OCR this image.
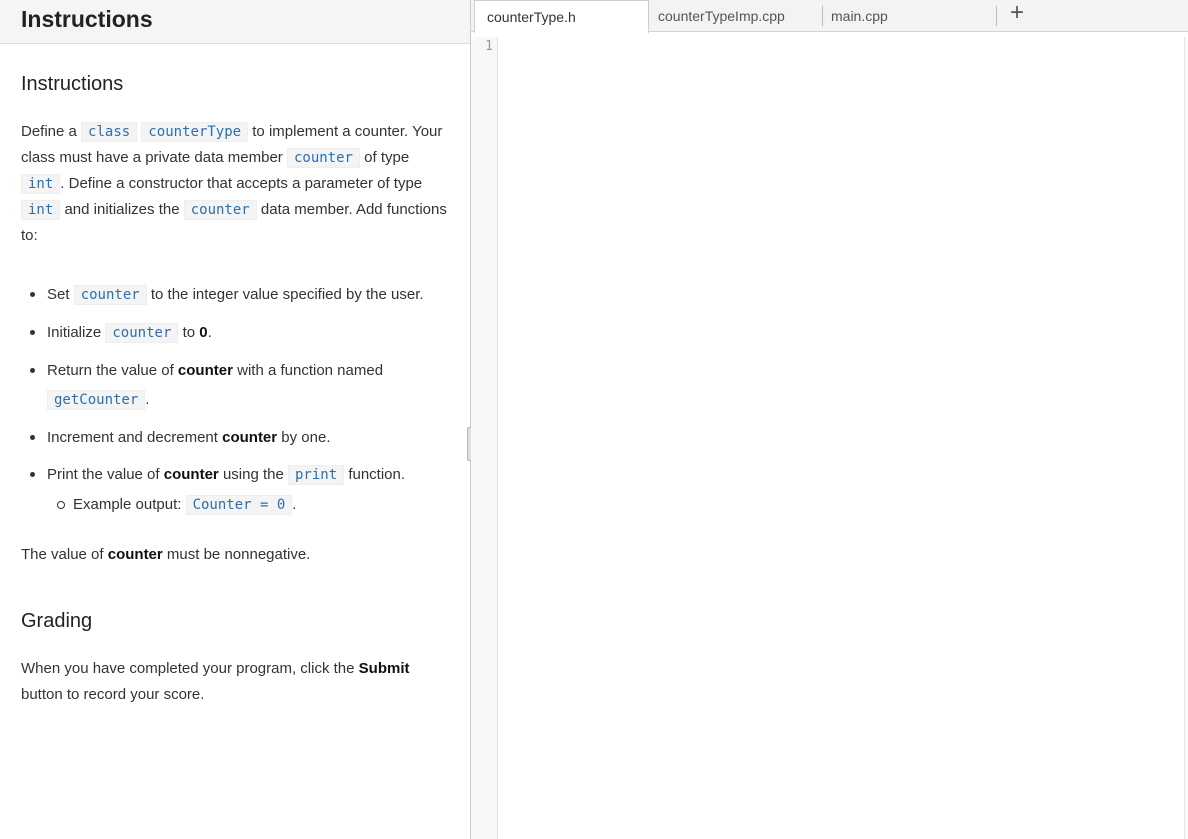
Instructions
Instructions

Define a class counterType to implement a counter. Your class must have a private data member counter of type int . Define a constructor that accepts a parameter of type int and initializes the counter data member. Add functions to:

Set counter to the integer value specified by the user.
Initialize counter to 0.
Return the value of counter with a function named getCounter .
Increment and decrement counter by one.
Print the value of counter using the print function.
Example output: Counter = 0 .

The value of counter must be nonnegative.

Grading

When you have completed your program, click the Submit button to record your score.

counterType.h	counterTypeImp.cpp	main.cpp	+
1
